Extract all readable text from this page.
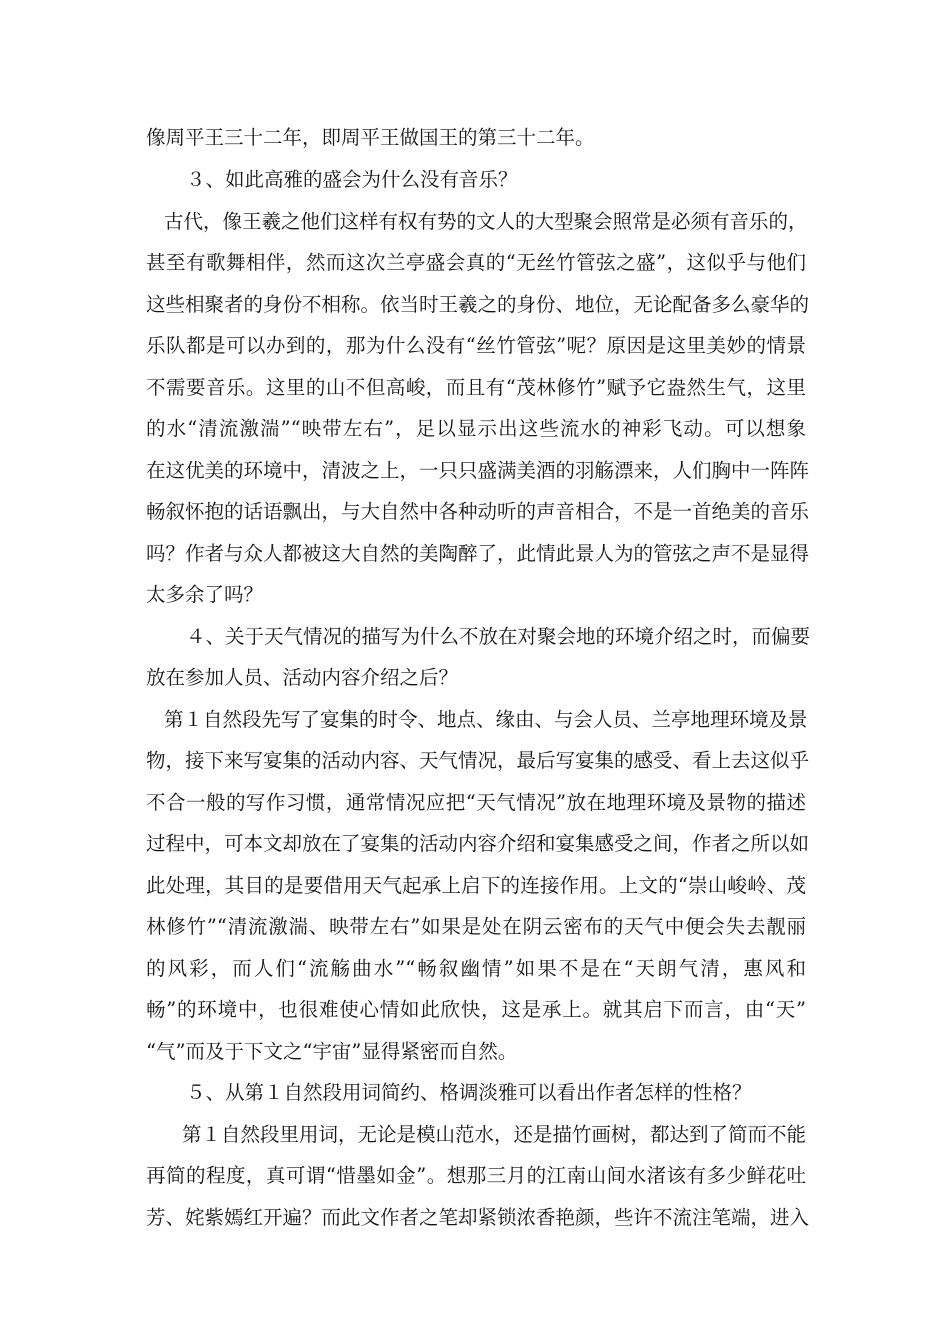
像周平王三十二年，即周平王做国王的第三十二年。
３、如此高雅的盛会为什么没有音乐？
古代，像王羲之他们这样有权有势的文人的大型聚会照常是必须有音乐的，
甚至有歌舞相伴，然而这次兰亭盛会真的“无丝竹管弦之盛”，这似乎与他们
这些相聚者的身份不相称。依当时王羲之的身份、地位，无论配备多么豪华的
乐队都是可以办到的，那为什么没有“丝竹管弦”呢？原因是这里美妙的情景
不需要音乐。这里的山不但高峻，而且有“茂林修竹”赋予它盎然生气，这里
的水“清流激湍”“映带左右”，足以显示出这些流水的神彩飞动。可以想象
在这优美的环境中，清波之上，一只只盛满美酒的羽觞漂来，人们胸中一阵阵
畅叙怀抱的话语飘出，与大自然中各种动听的声音相合，不是一首绝美的音乐
吗？作者与众人都被这大自然的美陶醉了，此情此景人为的管弦之声不是显得
太多余了吗？
４、关于天气情况的描写为什么不放在对聚会地的环境介绍之时，而偏要
放在参加人员、活动内容介绍之后？
第１自然段先写了宴集的时令、地点、缘由、与会人员、兰亭地理环境及景
物，接下来写宴集的活动内容、天气情况，最后写宴集的感受、看上去这似乎
不合一般的写作习惯，通常情况应把“天气情况”放在地理环境及景物的描述
过程中，可本文却放在了宴集的活动内容介绍和宴集感受之间，作者之所以如
此处理，其目的是要借用天气起承上启下的连接作用。上文的“崇山峻岭、茂
林修竹”“清流激湍、映带左右”如果是处在阴云密布的天气中便会失去靓丽
的风彩，而人们“流觞曲水”“畅叙幽情”如果不是在“天朗气清，惠风和
畅”的环境中，也很难使心情如此欣快，这是承上。就其启下而言，由“天”
“气”而及于下文之“宇宙”显得紧密而自然。
５、从第１自然段用词简约、格调淡雅可以看出作者怎样的性格？
第１自然段里用词，无论是模山范水，还是描竹画树，都达到了简而不能
再简的程度，真可谓“惜墨如金”。想那三月的江南山间水渚该有多少鲜花吐
芳、姹紫嫣红开遍？而此文作者之笔却紧锁浓香艳颜，些许不流注笔端，进入
